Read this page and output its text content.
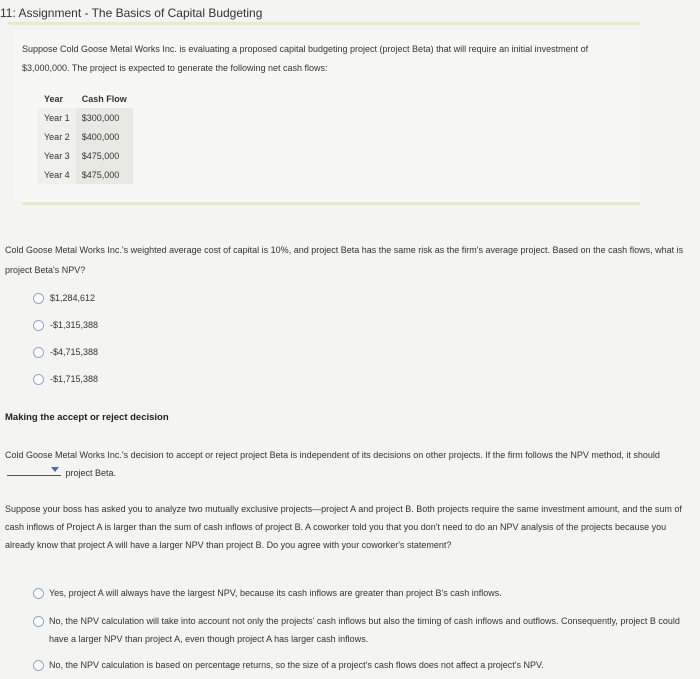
11: Assignment - The Basics of Capital Budgeting
Suppose Cold Goose Metal Works Inc. is evaluating a proposed capital budgeting project (project Beta) that will require an initial investment of $3,000,000. The project is expected to generate the following net cash flows:
Year	Cash Flow
Year 1	$300,000
Year 2	$400,000
Year 3	$475,000
Year 4	$475,000
Cold Goose Metal Works Inc.'s weighted average cost of capital is 10%, and project Beta has the same risk as the firm's average project. Based on the cash flows, what is project Beta's NPV?
$1,284,612
-$1,315,388
-$4,715,388
-$1,715,388
Making the accept or reject decision
Cold Goose Metal Works Inc.'s decision to accept or reject project Beta is independent of its decisions on other projects. If the firm follows the NPV method, it should
project Beta.
Suppose your boss has asked you to analyze two mutually exclusive projects—project A and project B. Both projects require the same investment amount, and the sum of cash inflows of Project A is larger than the sum of cash inflows of project B. A coworker told you that you don't need to do an NPV analysis of the projects because you already know that project A will have a larger NPV than project B. Do you agree with your coworker's statement?
Yes, project A will always have the largest NPV, because its cash inflows are greater than project B's cash inflows.
No, the NPV calculation will take into account not only the projects' cash inflows but also the timing of cash inflows and outflows. Consequently, project B could have a larger NPV than project A, even though project A has larger cash inflows.
No, the NPV calculation is based on percentage returns, so the size of a project's cash flows does not affect a project's NPV.
